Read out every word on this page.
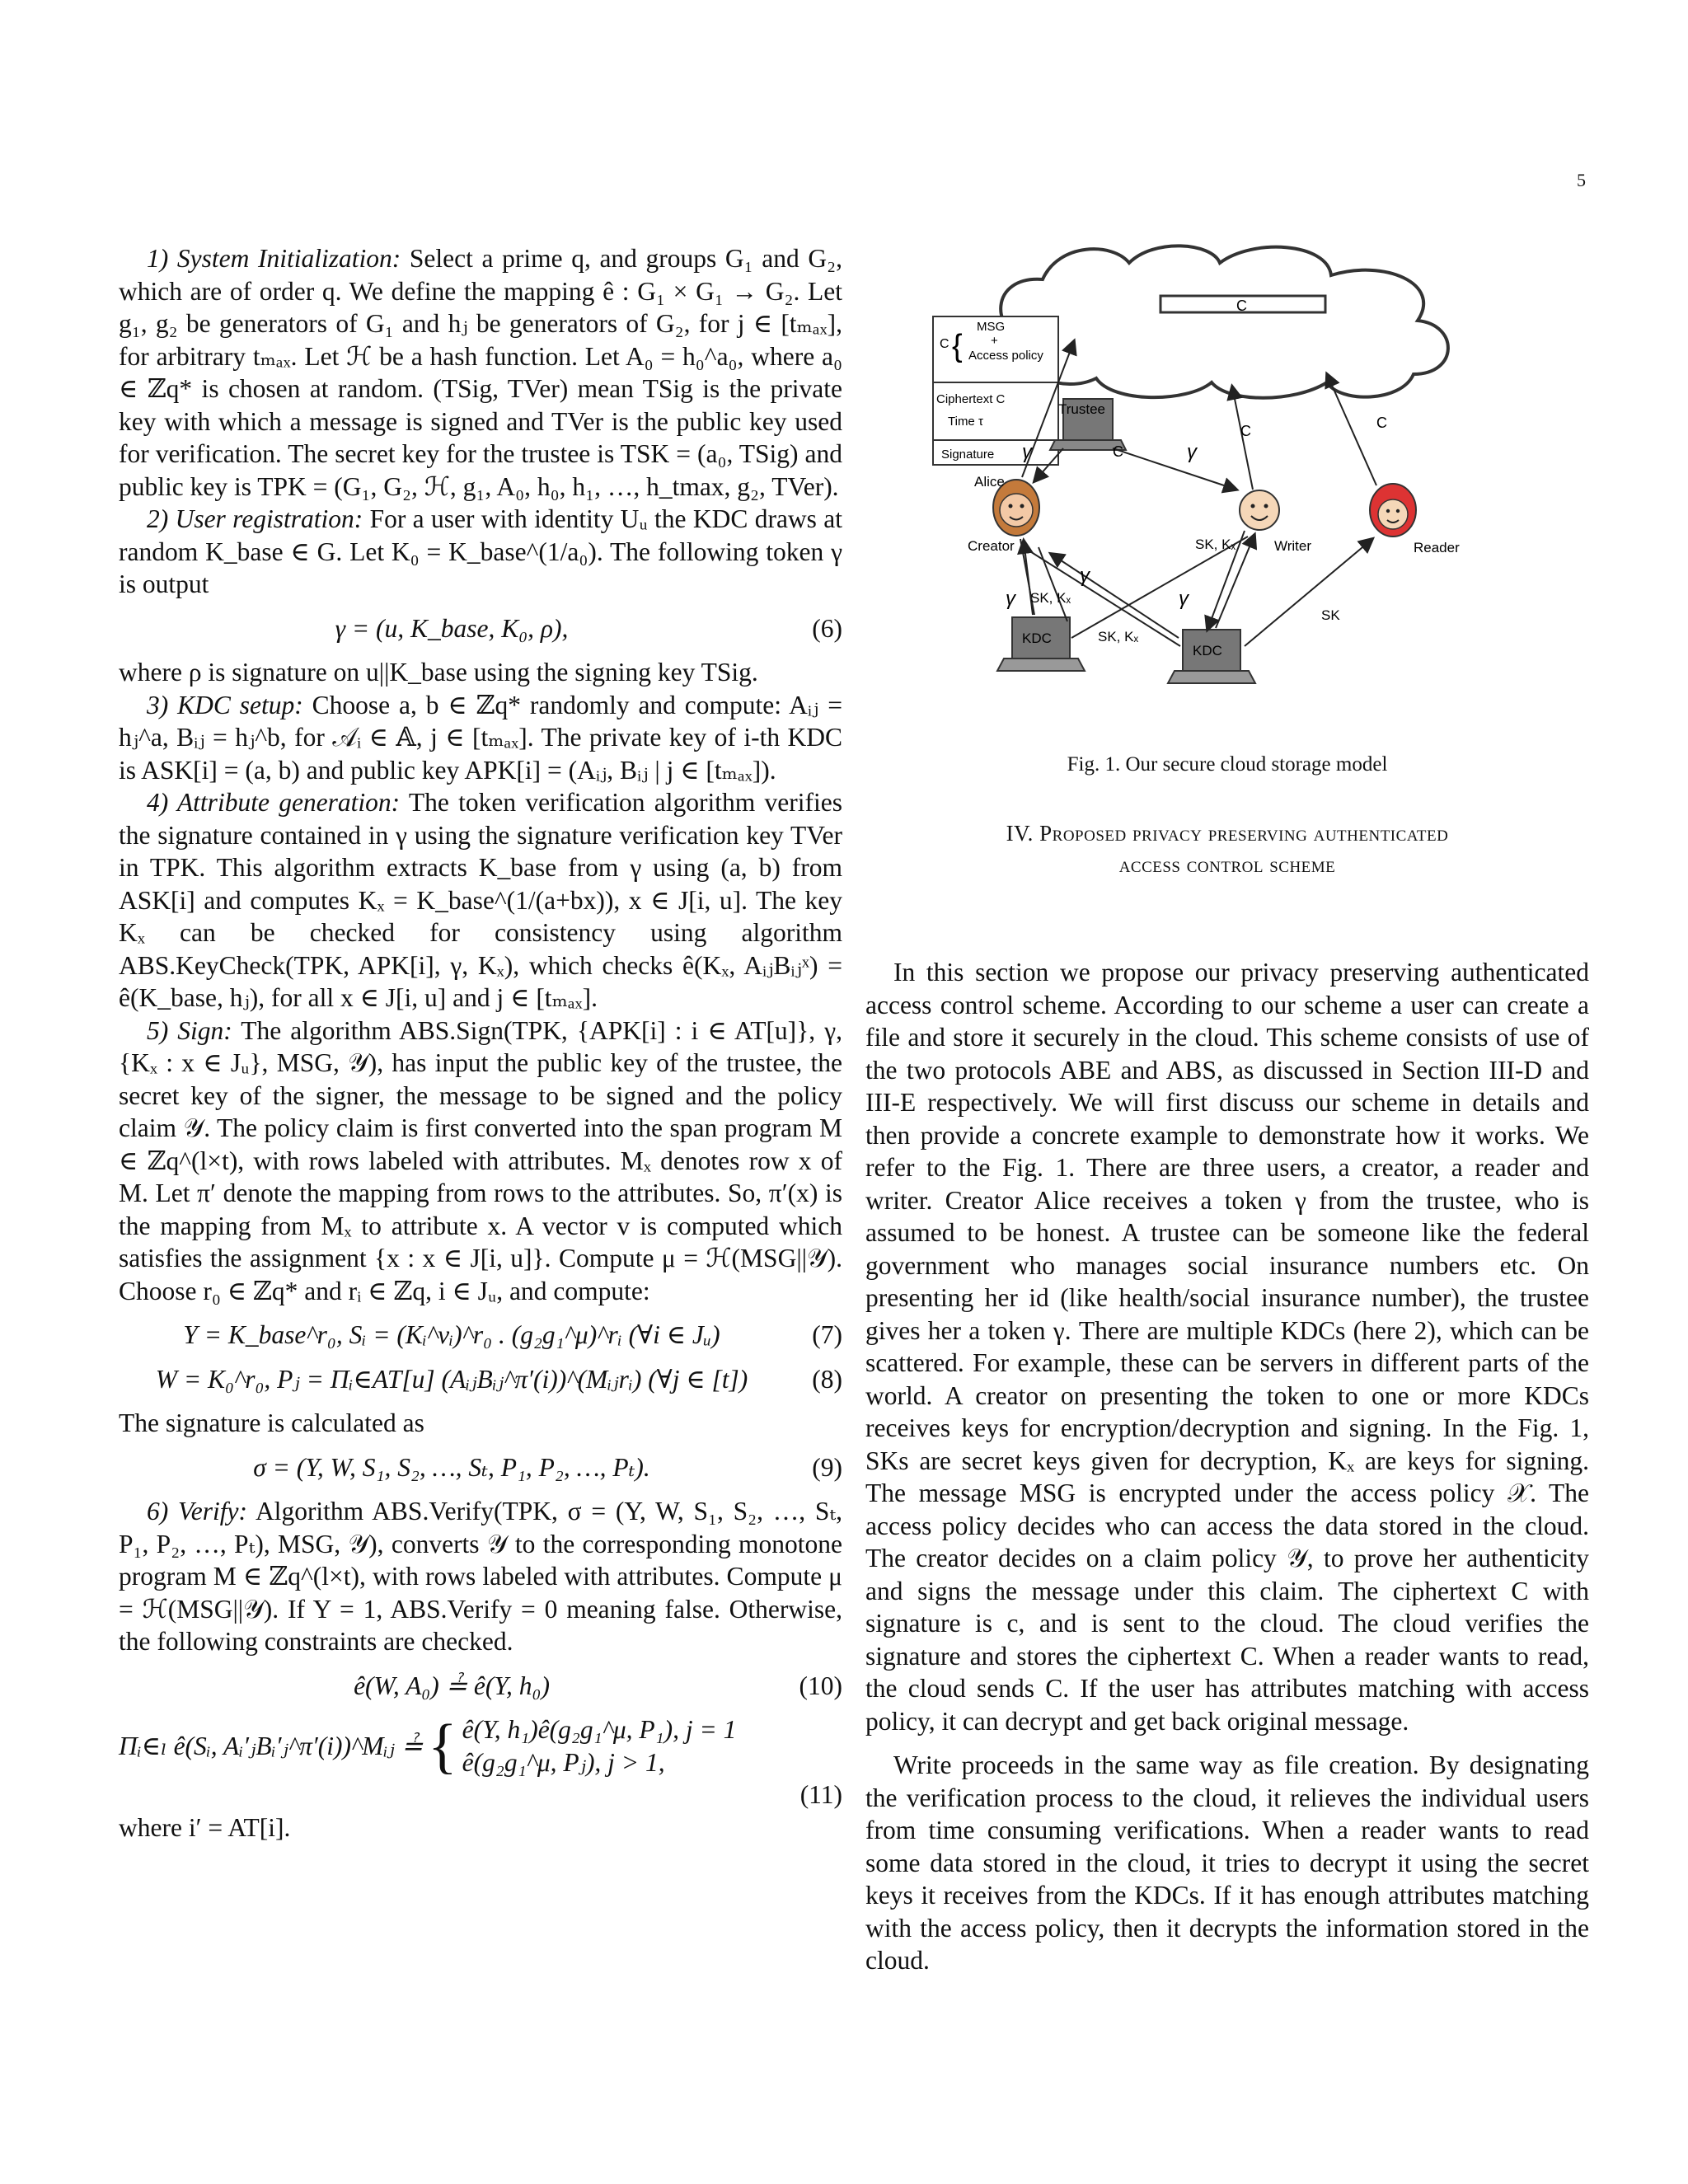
5

1) System Initialization: Select a prime q, and groups G₁ and G₂, which are of order q. We define the mapping ê : G₁ × G₁ → G₂. Let g₁, g₂ be generators of G₁ and hⱼ be generators of G₂, for j ∈ [tₘₐₓ], for arbitrary tₘₐₓ. Let ℋ be a hash function. Let A₀ = h₀^a₀, where a₀ ∈ ℤq* is chosen at random. (TSig, TVer) mean TSig is the private key with which a message is signed and TVer is the public key used for verification. The secret key for the trustee is TSK = (a₀, TSig) and public key is TPK = (G₁, G₂, ℋ, g₁, A₀, h₀, h₁, …, h_tmax, g₂, TVer).

2) User registration: For a user with identity Uᵤ the KDC draws at random K_base ∈ G. Let K₀ = K_base^(1/a₀). The following token γ is output

γ = (u, K_base, K₀, ρ),	(6)

where ρ is signature on u||K_base using the signing key TSig.

3) KDC setup: Choose a, b ∈ ℤq* randomly and compute: Aᵢⱼ = hⱼ^a, Bᵢⱼ = hⱼ^b, for 𝒜ᵢ ∈ 𝔸, j ∈ [tₘₐₓ]. The private key of i-th KDC is ASK[i] = (a, b) and public key APK[i] = (Aᵢⱼ, Bᵢⱼ | j ∈ [tₘₐₓ]).

4) Attribute generation: The token verification algorithm verifies the signature contained in γ using the signature verification key TVer in TPK. This algorithm extracts K_base from γ using (a, b) from ASK[i] and computes Kₓ = K_base^(1/(a+bx)), x ∈ J[i, u]. The key Kₓ can be checked for consistency using algorithm ABS.KeyCheck(TPK, APK[i], γ, Kₓ), which checks ê(Kₓ, AᵢⱼBᵢⱼˣ) = ê(K_base, hⱼ), for all x ∈ J[i, u] and j ∈ [tₘₐₓ].

5) Sign: The algorithm ABS.Sign(TPK, {APK[i] : i ∈ AT[u]}, γ, {Kₓ : x ∈ Jᵤ}, MSG, 𝒴), has input the public key of the trustee, the secret key of the signer, the message to be signed and the policy claim 𝒴. The policy claim is first converted into the span program M ∈ ℤq^(l×t), with rows labeled with attributes. Mₓ denotes row x of M. Let π′ denote the mapping from rows to the attributes. So, π′(x) is the mapping from Mₓ to attribute x. A vector v is computed which satisfies the assignment {x : x ∈ J[i, u]}. Compute μ = ℋ(MSG||𝒴). Choose r₀ ∈ ℤq* and rᵢ ∈ ℤq, i ∈ Jᵤ, and compute:

Y = K_base^r₀, Sᵢ = (Kᵢ^vᵢ)^r₀ . (g₂g₁^μ)^rᵢ (∀i ∈ Jᵤ)	(7)
W = K₀^r₀, Pⱼ = Πᵢ∈AT[u] (AᵢⱼBᵢⱼ^π′(i))^(Mᵢⱼrᵢ) (∀j ∈ [t])	(8)

The signature is calculated as

σ = (Y, W, S₁, S₂, …, Sₜ, P₁, P₂, …, Pₜ).	(9)

6) Verify: Algorithm ABS.Verify(TPK, σ = (Y, W, S₁, S₂, …, Sₜ, P₁, P₂, …, Pₜ), MSG, 𝒴), converts 𝒴 to the corresponding monotone program M ∈ ℤq^(l×t), with rows labeled with attributes. Compute μ = ℋ(MSG||𝒴). If Y = 1, ABS.Verify = 0 meaning false. Otherwise, the following constraints are checked.

ê(W, A₀) ≟ ê(Y, h₀)	(10)
Πᵢ∈ₗ ê(Sᵢ, Aᵢ′ⱼBᵢ′ⱼ^π′(i))^Mᵢⱼ ≟ { ê(Y, h₁)ê(g₂g₁^μ, P₁), j = 1
ê(g₂g₁^μ, Pⱼ), j > 1,
(11)

where i′ = AT[i].

C
C {
MSG
+
Access policy
Ciphertext C
Time τ
Signature
Trustee
KDC
KDC
Alice
Creator	Writer	Reader
γ	γ
C
C	C
SK, Kₓ
SK, Kₓ
SK, Kₓ
SK
γ
γ
γ
Fig. 1. Our secure cloud storage model
IV. Proposed privacy preserving authenticated
access control scheme

In this section we propose our privacy preserving authenticated access control scheme. According to our scheme a user can create a file and store it securely in the cloud. This scheme consists of use of the two protocols ABE and ABS, as discussed in Section III-D and III-E respectively. We will first discuss our scheme in details and then provide a concrete example to demonstrate how it works. We refer to the Fig. 1. There are three users, a creator, a reader and writer. Creator Alice receives a token γ from the trustee, who is assumed to be honest. A trustee can be someone like the federal government who manages social insurance numbers etc. On presenting her id (like health/social insurance number), the trustee gives her a token γ. There are multiple KDCs (here 2), which can be scattered. For example, these can be servers in different parts of the world. A creator on presenting the token to one or more KDCs receives keys for encryption/decryption and signing. In the Fig. 1, SKs are secret keys given for decryption, Kₓ are keys for signing. The message MSG is encrypted under the access policy 𝒳. The access policy decides who can access the data stored in the cloud. The creator decides on a claim policy 𝒴, to prove her authenticity and signs the message under this claim. The ciphertext C with signature is c, and is sent to the cloud. The cloud verifies the signature and stores the ciphertext C. When a reader wants to read, the cloud sends C. If the user has attributes matching with access policy, it can decrypt and get back original message.

Write proceeds in the same way as file creation. By designating the verification process to the cloud, it relieves the individual users from time consuming verifications. When a reader wants to read some data stored in the cloud, it tries to decrypt it using the secret keys it receives from the KDCs. If it has enough attributes matching with the access policy, then it decrypts the information stored in the cloud.
